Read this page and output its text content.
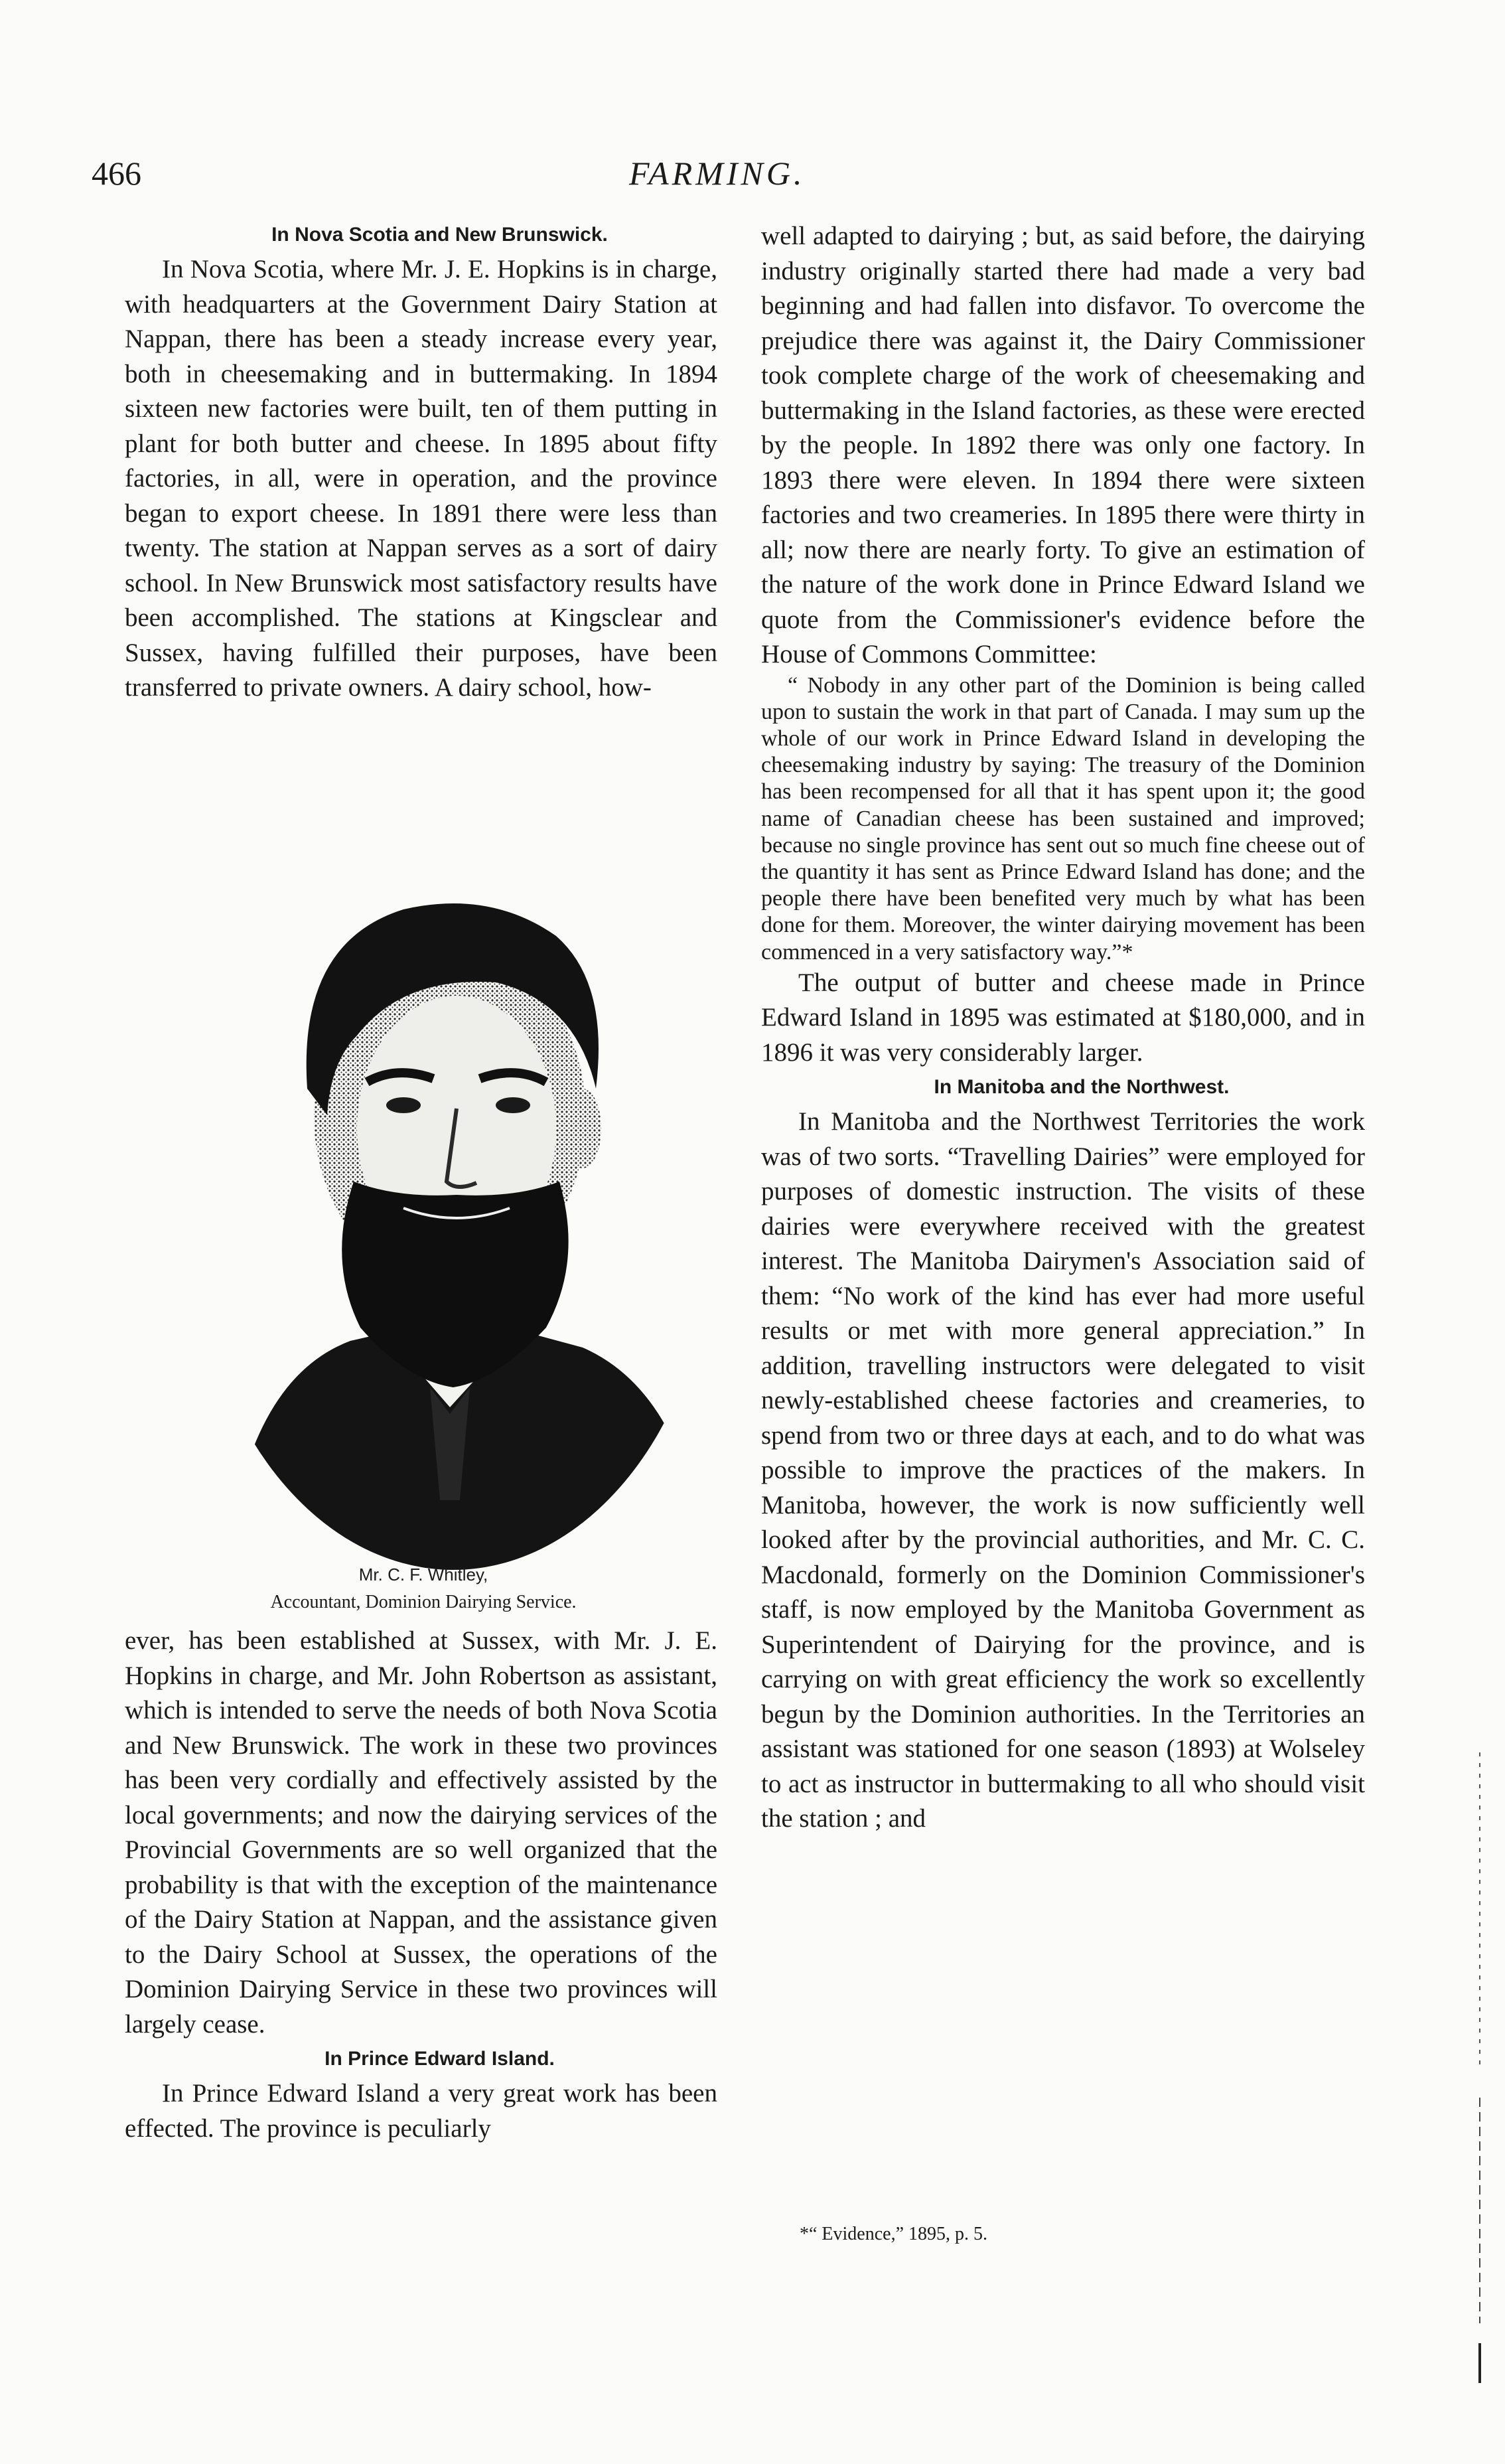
466	FARMING.

In Nova Scotia and New Brunswick.

In Nova Scotia, where Mr. J. E. Hopkins is in charge, with headquarters at the Government Dairy Station at Nappan, there has been a steady increase every year, both in cheesemaking and in buttermaking. In 1894 sixteen new factories were built, ten of them putting in plant for both butter and cheese. In 1895 about fifty factories, in all, were in operation, and the province began to export cheese. In 1891 there were less than twenty. The station at Nappan serves as a sort of dairy school. In New Brunswick most satisfactory results have been accomplished. The stations at Kingsclear and Sussex, having fulfilled their purposes, have been transferred to private owners. A dairy school, how-

Mr. C. F. Whitley,
Accountant, Dominion Dairying Service.

ever, has been established at Sussex, with Mr. J. E. Hopkins in charge, and Mr. John Robertson as assistant, which is intended to serve the needs of both Nova Scotia and New Brunswick. The work in these two provinces has been very cordially and effectively assisted by the local governments; and now the dairying services of the Provincial Governments are so well organized that the probability is that with the exception of the maintenance of the Dairy Station at Nappan, and the assistance given to the Dairy School at Sussex, the operations of the Dominion Dairying Service in these two provinces will largely cease.

In Prince Edward Island.

In Prince Edward Island a very great work has been effected. The province is peculiarly

well adapted to dairying ; but, as said before, the dairying industry originally started there had made a very bad beginning and had fallen into disfavor. To overcome the prejudice there was against it, the Dairy Commissioner took complete charge of the work of cheesemaking and buttermaking in the Island factories, as these were erected by the people. In 1892 there was only one factory. In 1893 there were eleven. In 1894 there were sixteen factories and two creameries. In 1895 there were thirty in all; now there are nearly forty. To give an estimation of the nature of the work done in Prince Edward Island we quote from the Commissioner's evidence before the House of Commons Committee:

“ Nobody in any other part of the Dominion is being called upon to sustain the work in that part of Canada. I may sum up the whole of our work in Prince Edward Island in developing the cheesemaking industry by saying: The treasury of the Dominion has been recompensed for all that it has spent upon it; the good name of Canadian cheese has been sustained and improved; because no single province has sent out so much fine cheese out of the quantity it has sent as Prince Edward Island has done; and the people there have been benefited very much by what has been done for them. Moreover, the winter dairying movement has been commenced in a very satisfactory way.”*

The output of butter and cheese made in Prince Edward Island in 1895 was estimated at $180,000, and in 1896 it was very considerably larger.

In Manitoba and the Northwest.

In Manitoba and the Northwest Territories the work was of two sorts. “Travelling Dairies” were employed for purposes of domestic instruction. The visits of these dairies were everywhere received with the greatest interest. The Manitoba Dairymen's Association said of them: “No work of the kind has ever had more useful results or met with more general appreciation.” In addition, travelling instructors were delegated to visit newly-established cheese factories and creameries, to spend from two or three days at each, and to do what was possible to improve the practices of the makers. In Manitoba, however, the work is now sufficiently well looked after by the provincial authorities, and Mr. C. C. Macdonald, formerly on the Dominion Commissioner's staff, is now employed by the Manitoba Government as Superintendent of Dairying for the province, and is carrying on with great efficiency the work so excellently begun by the Dominion authorities. In the Territories an assistant was stationed for one season (1893) at Wolseley to act as instructor in buttermaking to all who should visit the station ; and

*“ Evidence,” 1895, p. 5.
